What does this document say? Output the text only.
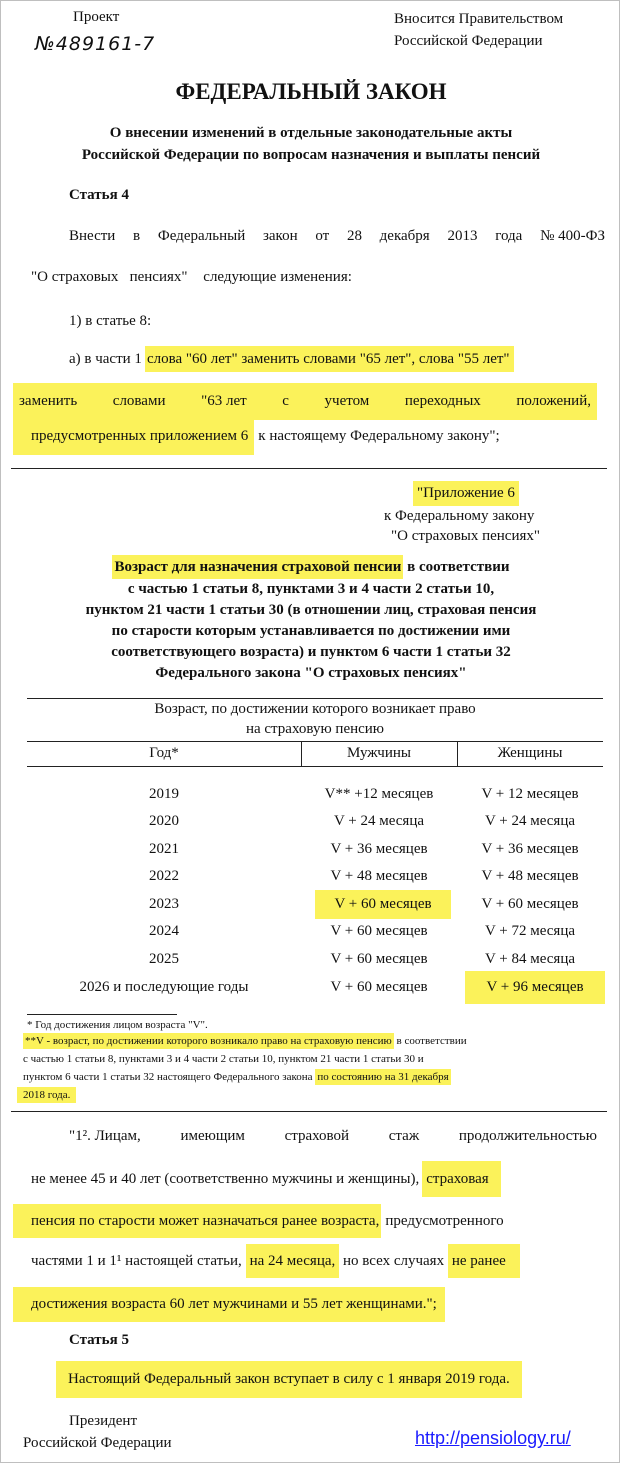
Проект
№489161-7
Вносится Правительством
Российской Федерации
ФЕДЕРАЛЬНЫЙ ЗАКОН
О внесении изменений в отдельные законодательные акты
Российской Федерации по вопросам назначения и выплаты пенсий
Статья 4
Внести в Федеральный закон от 28 декабря 2013 года № 400-ФЗ
"О страховых   пенсиях" следующие изменения:
1) в статье 8:
а) в части 1 слова "60 лет" заменить словами "65 лет", слова "55 лет"
заменить словами "63 лет с учетом переходных положений,
предусмотренных приложением 6 к настоящему Федеральному закону";
"Приложение 6
к Федеральному закону
"О страховых пенсиях"
Возраст для назначения страховой пенсии в соответствии
с частью 1 статьи 8, пунктами 3 и 4 части 2 статьи 10,
пунктом 21 части 1 статьи 30 (в отношении лиц, страховая пенсия
по старости которым устанавливается по достижении ими
соответствующего возраста) и пунктом 6 части 1 статьи 32
Федерального закона "О страховых пенсиях"
Возраст, по достижении которого возникает право
на страховую пенсию
Год*	Мужчины	Женщины
2019	V** +12 месяцев	V + 12 месяцев
2020	V + 24 месяца	V + 24 месяца
2021	V + 36 месяцев	V + 36 месяцев
2022	V + 48 месяцев	V + 48 месяцев
2023	V + 60 месяцев	V + 60 месяцев
2024	V + 60 месяцев	V + 72 месяца
2025	V + 60 месяцев	V + 84 месяца
2026 и последующие годы	V + 60 месяцев	V + 96 месяцев
* Год достижения лицом возраста "V".
**V - возраст, по достижении которого возникало право на страховую пенсию в соответствии
с частью 1 статьи 8, пунктами 3 и 4 части 2 статьи 10, пунктом 21 части 1 статьи 30 и
пунктом 6 части 1 статьи 32 настоящего Федерального закона по состоянию на 31 декабря
2018 года.
"1². Лицам,	имеющим	страховой	стаж	продолжительностью
не менее 45 и 40 лет (соответственно мужчины и женщины), страховая
пенсия по старости может назначаться ранее возраста, предусмотренного
частями 1 и 1¹ настоящей статьи, на 24 месяца, но всех случаях не ранее
достижения возраста 60 лет мужчинами и 55 лет женщинами.";
Статья 5
Настоящий Федеральный закон вступает в силу с 1 января 2019 года.
Президент
Российской Федерации	http://pensiology.ru/
